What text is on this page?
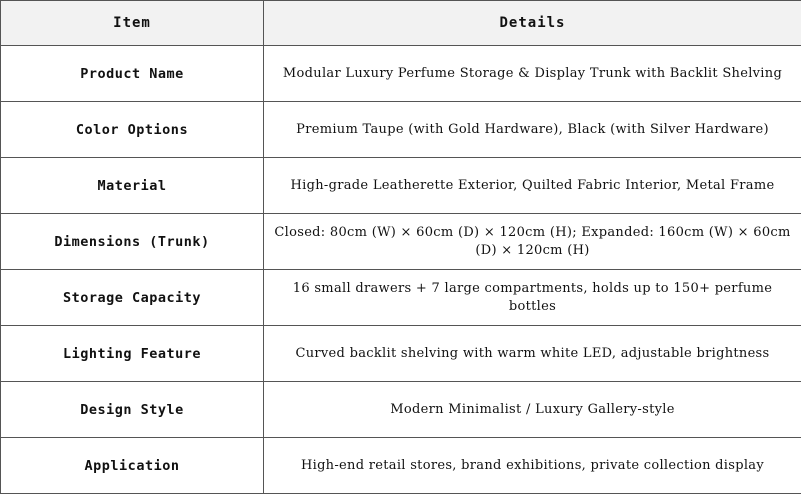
Item	Details
Product Name	Modular Luxury Perfume Storage & Display Trunk with Backlit Shelving
Color Options	Premium Taupe (with Gold Hardware), Black (with Silver Hardware)
Material	High-grade Leatherette Exterior, Quilted Fabric Interior, Metal Frame
Dimensions (Trunk)	Closed: 80cm (W) × 60cm (D) × 120cm (H); Expanded: 160cm (W) × 60cm (D) × 120cm (H)
Storage Capacity	16 small drawers + 7 large compartments, holds up to 150+ perfume bottles
Lighting Feature	Curved backlit shelving with warm white LED, adjustable brightness
Design Style	Modern Minimalist / Luxury Gallery-style
Application	High-end retail stores, brand exhibitions, private collection display
